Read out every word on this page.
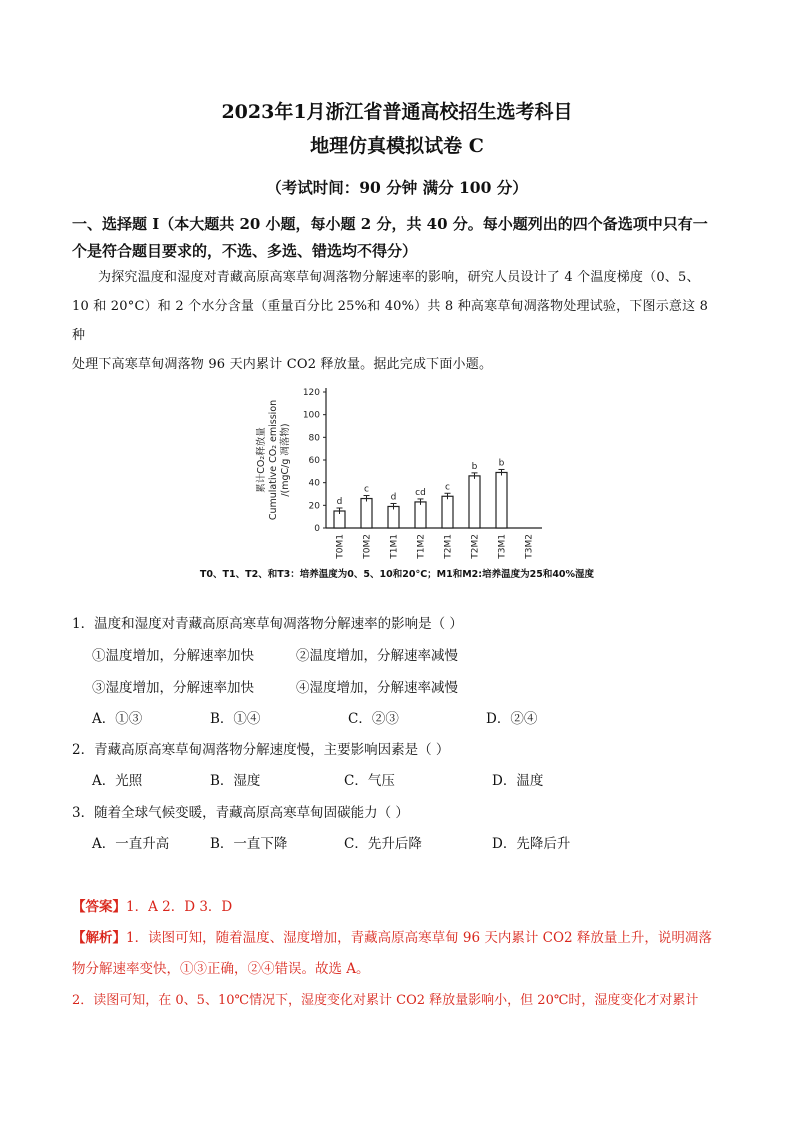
2023年1月浙江省普通高校招生选考科目
地理仿真模拟试卷 C
（考试时间：90 分钟 满分 100 分）
一、选择题 I（本大题共 20 小题，每小题 2 分，共 40 分。每小题列出的四个备选项中只有一
个是符合题目要求的，不选、多选、错选均不得分）
为探究温度和湿度对青藏高原高寒草甸凋落物分解速率的影响，研究人员设计了 4 个温度梯度（0、5、
10 和 20°C）和 2 个水分含量（重量百分比 25%和 40%）共 8 种高寒草甸凋落物处理试验，下图示意这 8 种
处理下高寒草甸凋落物 96 天内累计 CO2 释放量。据此完成下面小题。
累计CO₂释放量 Cumulative CO₂ emission /(mgC/g 凋落物)
0
20
40
60
80
100
120
d
c
d cd
c
b b
T0M1 T0M2 T1M1 T1M2 T2M1 T2M2 T3M1 T3M2
T0、T1、T2、和T3：培养温度为0、5、10和20°C；M1和M2:培养温度为25和40%湿度
1．温度和湿度对青藏高原高寒草甸凋落物分解速率的影响是（ ）
①温度增加，分解速率加快	②温度增加，分解速率减慢
③湿度增加，分解速率加快	④湿度增加，分解速率减慢
A．①③	B．①④	C．②③	D．②④
2．青藏高原高寒草甸凋落物分解速度慢，主要影响因素是（ ）
A．光照	B．湿度	C．气压	D．温度
3．随着全球气候变暖，青藏高原高寒草甸固碳能力（ ）
A．一直升高	B．一直下降	C．先升后降	D．先降后升
【答案】1．A 2．D 3．D
【解析】1．读图可知，随着温度、湿度增加，青藏高原高寒草甸 96 天内累计 CO2 释放量上升，说明凋落
物分解速率变快，①③正确，②④错误。故选 A。
2．读图可知，在 0、5、10℃情况下，湿度变化对累计 CO2 释放量影响小，但 20℃时，湿度变化才对累计
